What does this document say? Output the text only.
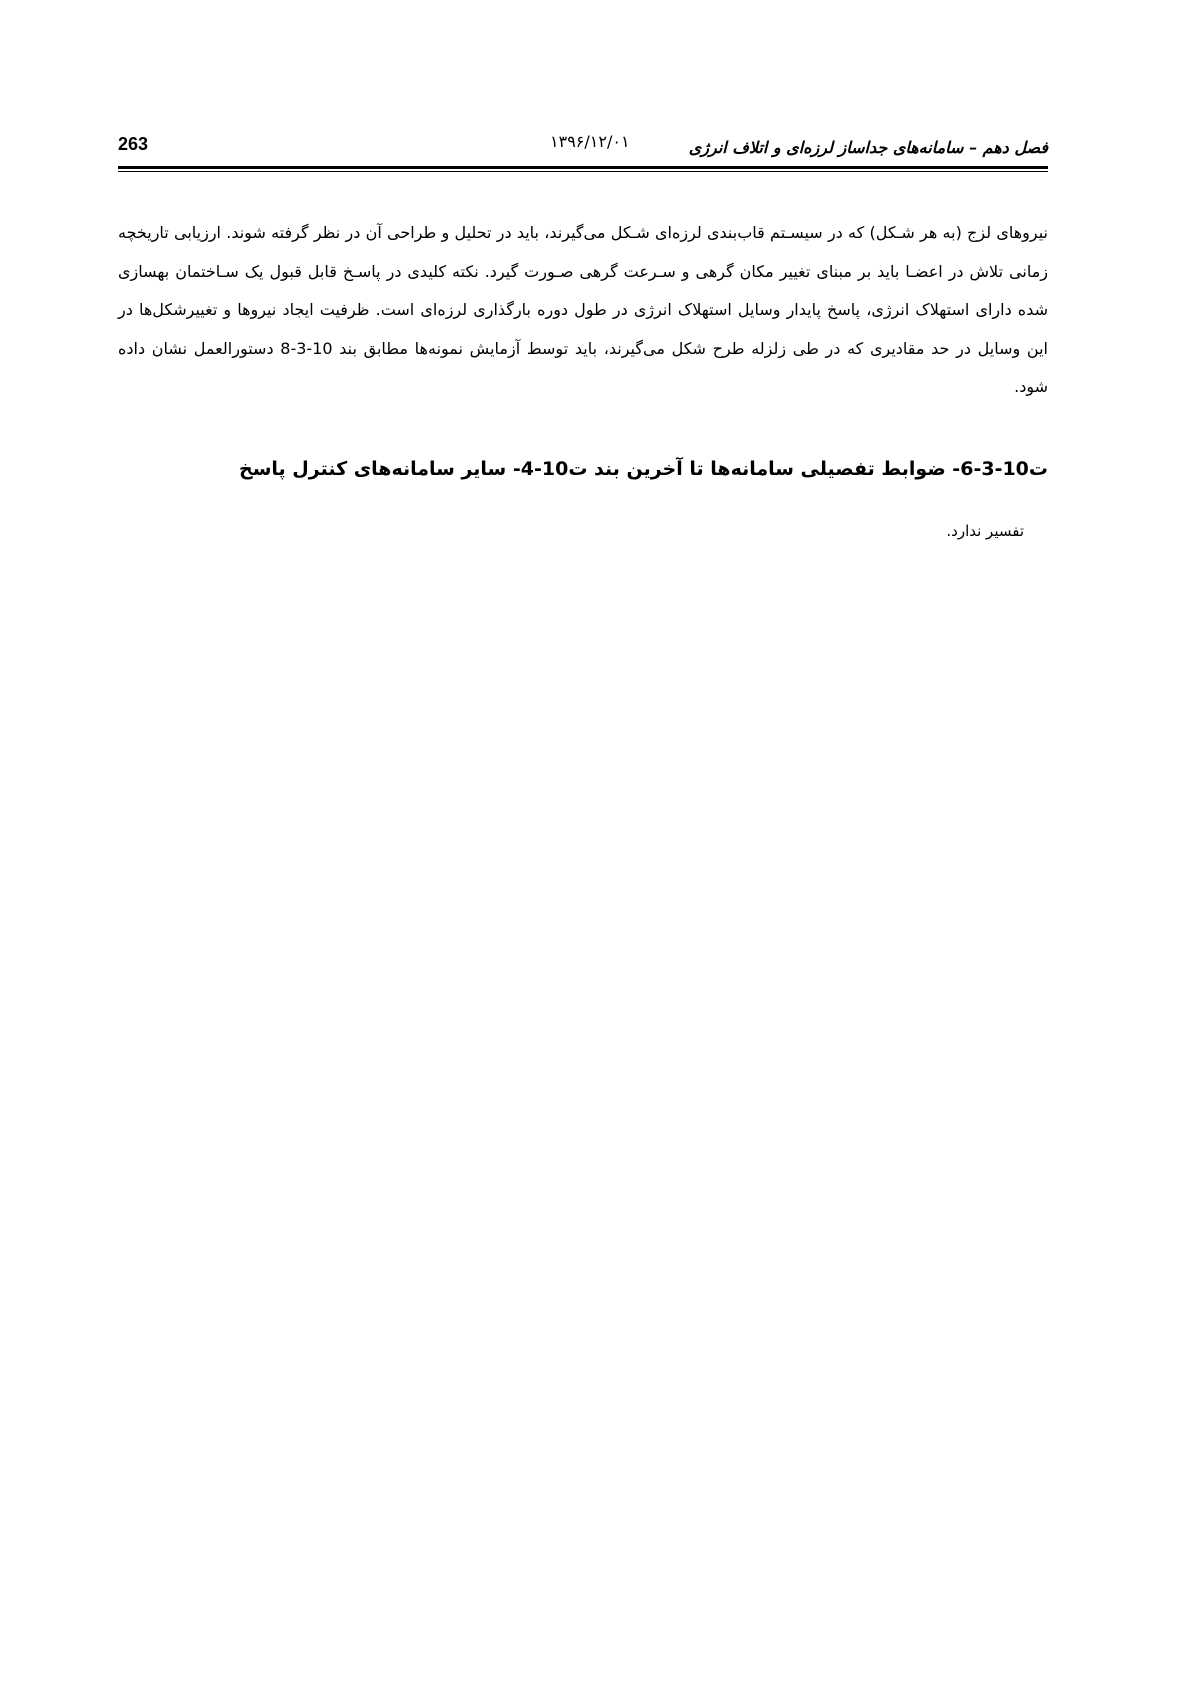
263	۱۳۹۶/۱۲/۰۱	فصل دهم – سامانه‌های جداساز لرزه‌ای و اتلاف انرژی

نیروهای لزج (به هر شـکل) که در سیسـتم قاب‌بندی لرزه‌ای شـکل می‌گیرند، باید در تحلیل و طراحی آن در نظر گرفته شوند. ارزیابی تاریخچه زمانی تلاش در اعضـا باید بر مبنای تغییر مکان گرهی و سـرعت گرهی صـورت گیرد. نکته کلیدی در پاسـخ قابل قبول یک سـاختمان بهسازی شده دارای استهلاک انرژی، پاسخ پایدار وسایل استهلاک انرژی در طول دوره بارگذاری لرزه‌ای است. ظرفیت ایجاد نیروها و تغییرشکل‌ها در این وسایل در حد مقادیری که در طی زلزله طرح شکل می‌گیرند، باید توسط آزمایش نمونه‌ها مطابق بند 10-3-8 دستورالعمل نشان داده شود.

ت10-3-6- ضوابط تفصیلی سامانه‌ها تا آخرین بند ت10-4- سایر سامانه‌های کنترل پاسخ

تفسیر ندارد.
